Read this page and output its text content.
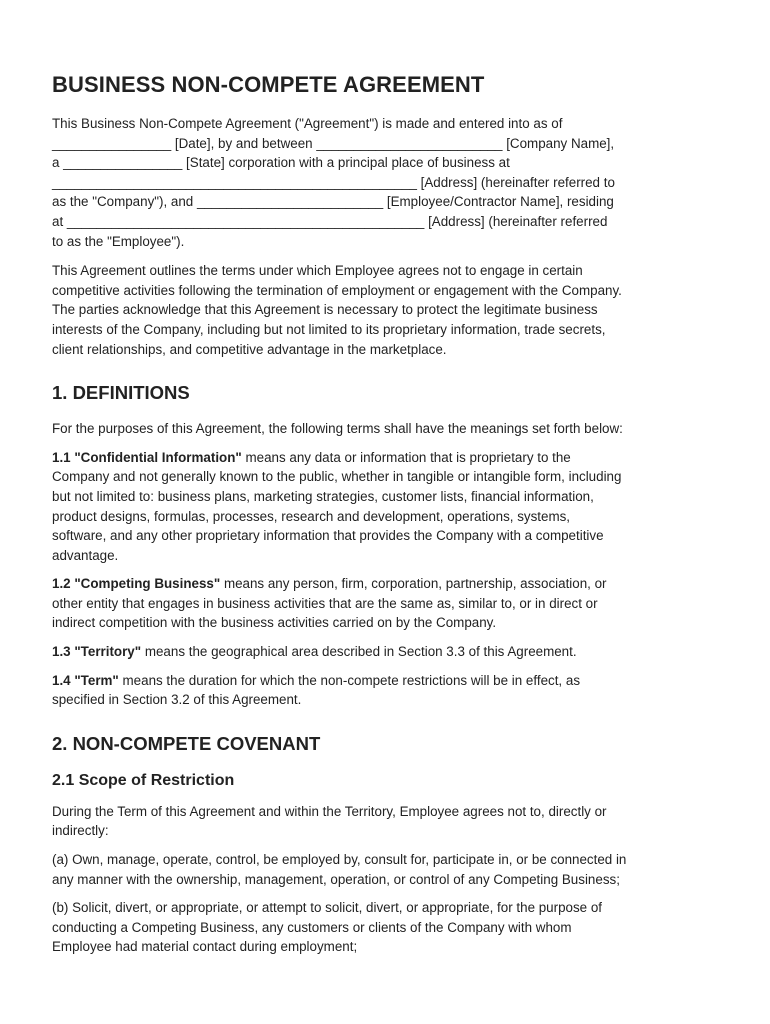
BUSINESS NON-COMPETE AGREEMENT

This Business Non-Compete Agreement ("Agreement") is made and entered into as of
________________ [Date], by and between _________________________ [Company Name],
a ________________ [State] corporation with a principal place of business at
_________________________________________________ [Address] (hereinafter referred to
as the "Company"), and _________________________ [Employee/Contractor Name], residing
at ________________________________________________ [Address] (hereinafter referred
to as the "Employee").

This Agreement outlines the terms under which Employee agrees not to engage in certain
competitive activities following the termination of employment or engagement with the Company.
The parties acknowledge that this Agreement is necessary to protect the legitimate business
interests of the Company, including but not limited to its proprietary information, trade secrets,
client relationships, and competitive advantage in the marketplace.

1. DEFINITIONS

For the purposes of this Agreement, the following terms shall have the meanings set forth below:

1.1 "Confidential Information" means any data or information that is proprietary to the
Company and not generally known to the public, whether in tangible or intangible form, including
but not limited to: business plans, marketing strategies, customer lists, financial information,
product designs, formulas, processes, research and development, operations, systems,
software, and any other proprietary information that provides the Company with a competitive
advantage.

1.2 "Competing Business" means any person, firm, corporation, partnership, association, or
other entity that engages in business activities that are the same as, similar to, or in direct or
indirect competition with the business activities carried on by the Company.

1.3 "Territory" means the geographical area described in Section 3.3 of this Agreement.

1.4 "Term" means the duration for which the non-compete restrictions will be in effect, as
specified in Section 3.2 of this Agreement.

2. NON-COMPETE COVENANT
2.1 Scope of Restriction

During the Term of this Agreement and within the Territory, Employee agrees not to, directly or
indirectly:

(a) Own, manage, operate, control, be employed by, consult for, participate in, or be connected in
any manner with the ownership, management, operation, or control of any Competing Business;

(b) Solicit, divert, or appropriate, or attempt to solicit, divert, or appropriate, for the purpose of
conducting a Competing Business, any customers or clients of the Company with whom
Employee had material contact during employment;
